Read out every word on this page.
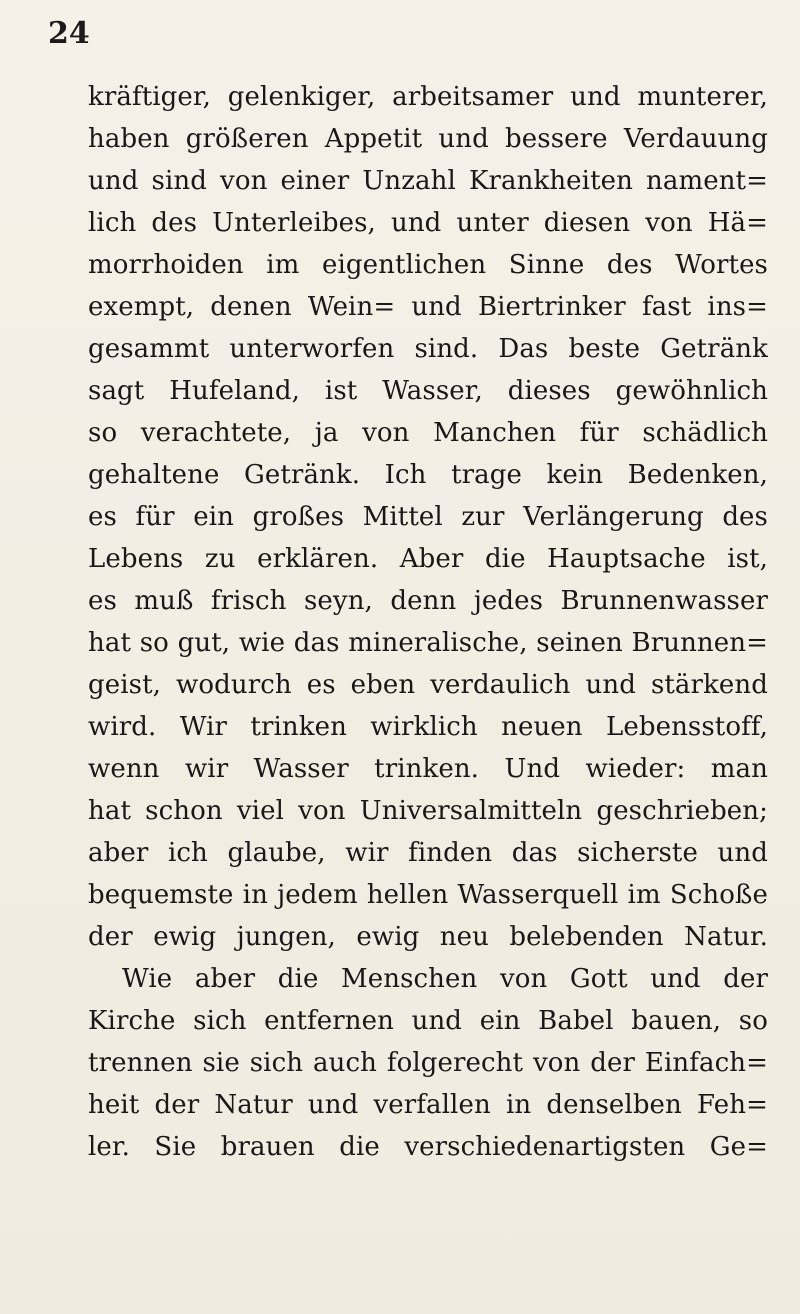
24
kräftiger, gelenkiger, arbeitsamer und munterer,
haben größeren Appetit und bessere Verdauung
und sind von einer Unzahl Krankheiten nament=
lich des Unterleibes, und unter diesen von Hä=
morrhoiden im eigentlichen Sinne des Wortes
exempt, denen Wein= und Biertrinker fast ins=
gesammt unterworfen sind. Das beste Getränk
sagt Hufeland, ist Wasser, dieses gewöhnlich
so verachtete, ja von Manchen für schädlich
gehaltene Getränk. Ich trage kein Bedenken,
es für ein großes Mittel zur Verlängerung des
Lebens zu erklären. Aber die Hauptsache ist,
es muß frisch seyn, denn jedes Brunnenwasser
hat so gut, wie das mineralische, seinen Brunnen=
geist, wodurch es eben verdaulich und stärkend
wird. Wir trinken wirklich neuen Lebensstoff,
wenn wir Wasser trinken. Und wieder: man
hat schon viel von Universalmitteln geschrieben;
aber ich glaube, wir finden das sicherste und
bequemste in jedem hellen Wasserquell im Schoße
der ewig jungen, ewig neu belebenden Natur.
Wie aber die Menschen von Gott und der
Kirche sich entfernen und ein Babel bauen, so
trennen sie sich auch folgerecht von der Einfach=
heit der Natur und verfallen in denselben Feh=
ler. Sie brauen die verschiedenartigsten Ge=
